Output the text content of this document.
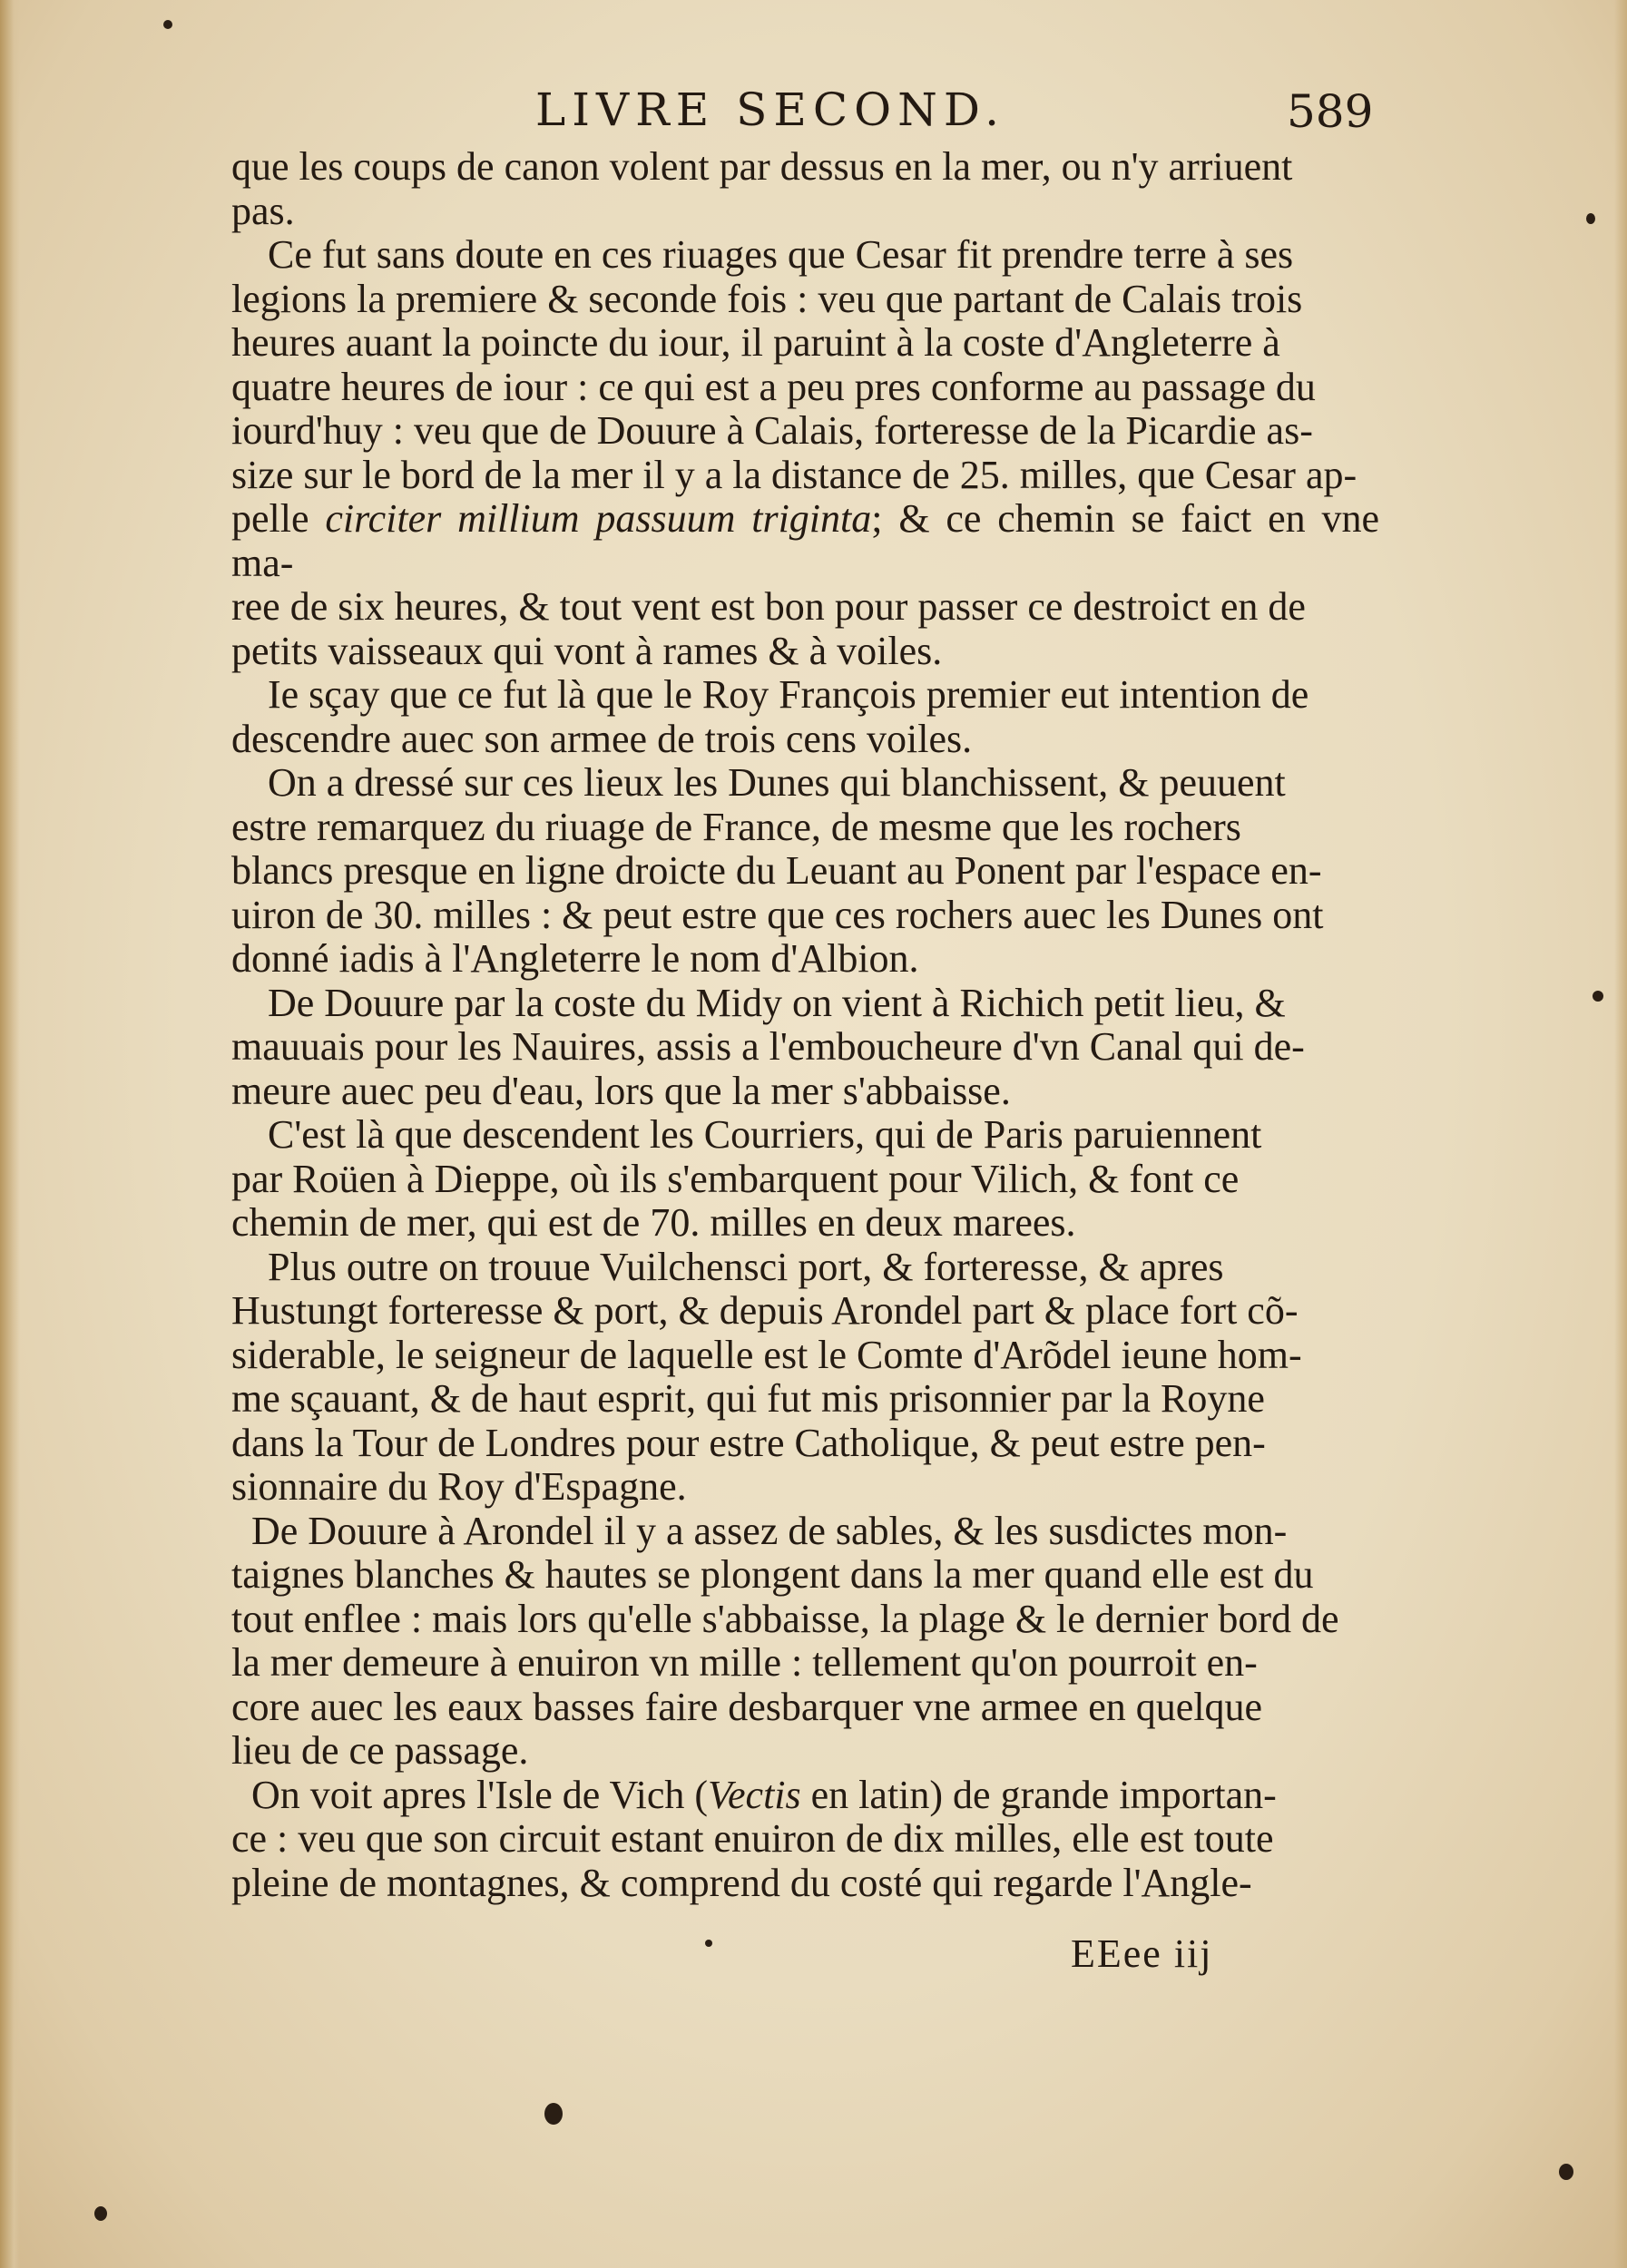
LIVRE SECOND.	589

que les coups de canon volent par dessus en la mer, ou n'y arriuent
pas.

Ce fut sans doute en ces riuages que Cesar fit prendre terre à ses
legions la premiere & seconde fois : veu que partant de Calais trois
heures auant la poincte du iour, il paruint à la coste d'Angleterre à
quatre heures de iour : ce qui est a peu pres conforme au passage du
iourd'huy : veu que de Douure à Calais, forteresse de la Picardie as-
size sur le bord de la mer il y a la distance de 25. milles, que Cesar ap-
pelle circiter millium passuum triginta; & ce chemin se faict en vne ma-
ree de six heures, & tout vent est bon pour passer ce destroict en de
petits vaisseaux qui vont à rames & à voiles.

Ie sçay que ce fut là que le Roy François premier eut intention de
descendre auec son armee de trois cens voiles.

On a dressé sur ces lieux les Dunes qui blanchissent, & peuuent
estre remarquez du riuage de France, de mesme que les rochers
blancs presque en ligne droicte du Leuant au Ponent par l'espace en-
uiron de 30. milles : & peut estre que ces rochers auec les Dunes ont
donné iadis à l'Angleterre le nom d'Albion.

De Douure par la coste du Midy on vient à Richich petit lieu, &
mauuais pour les Nauires, assis a l'emboucheure d'vn Canal qui de-
meure auec peu d'eau, lors que la mer s'abbaisse.

C'est là que descendent les Courriers, qui de Paris paruiennent
par Roüen à Dieppe, où ils s'embarquent pour Vilich, & font ce
chemin de mer, qui est de 70. milles en deux marees.

Plus outre on trouue Vuilchensci port, & forteresse, & apres
Hustungt forteresse & port, & depuis Arondel part & place fort cõ-
siderable, le seigneur de laquelle est le Comte d'Arõdel ieune hom-
me sçauant, & de haut esprit, qui fut mis prisonnier par la Royne
dans la Tour de Londres pour estre Catholique, & peut estre pen-
sionnaire du Roy d'Espagne.

De Douure à Arondel il y a assez de sables, & les susdictes mon-
taignes blanches & hautes se plongent dans la mer quand elle est du
tout enflee : mais lors qu'elle s'abbaisse, la plage & le dernier bord de
la mer demeure à enuiron vn mille : tellement qu'on pourroit en-
core auec les eaux basses faire desbarquer vne armee en quelque
lieu de ce passage.

On voit apres l'Isle de Vich (Vectis en latin) de grande importan-
ce : veu que son circuit estant enuiron de dix milles, elle est toute
pleine de montagnes, & comprend du costé qui regarde l'Angle-

EEee iij
